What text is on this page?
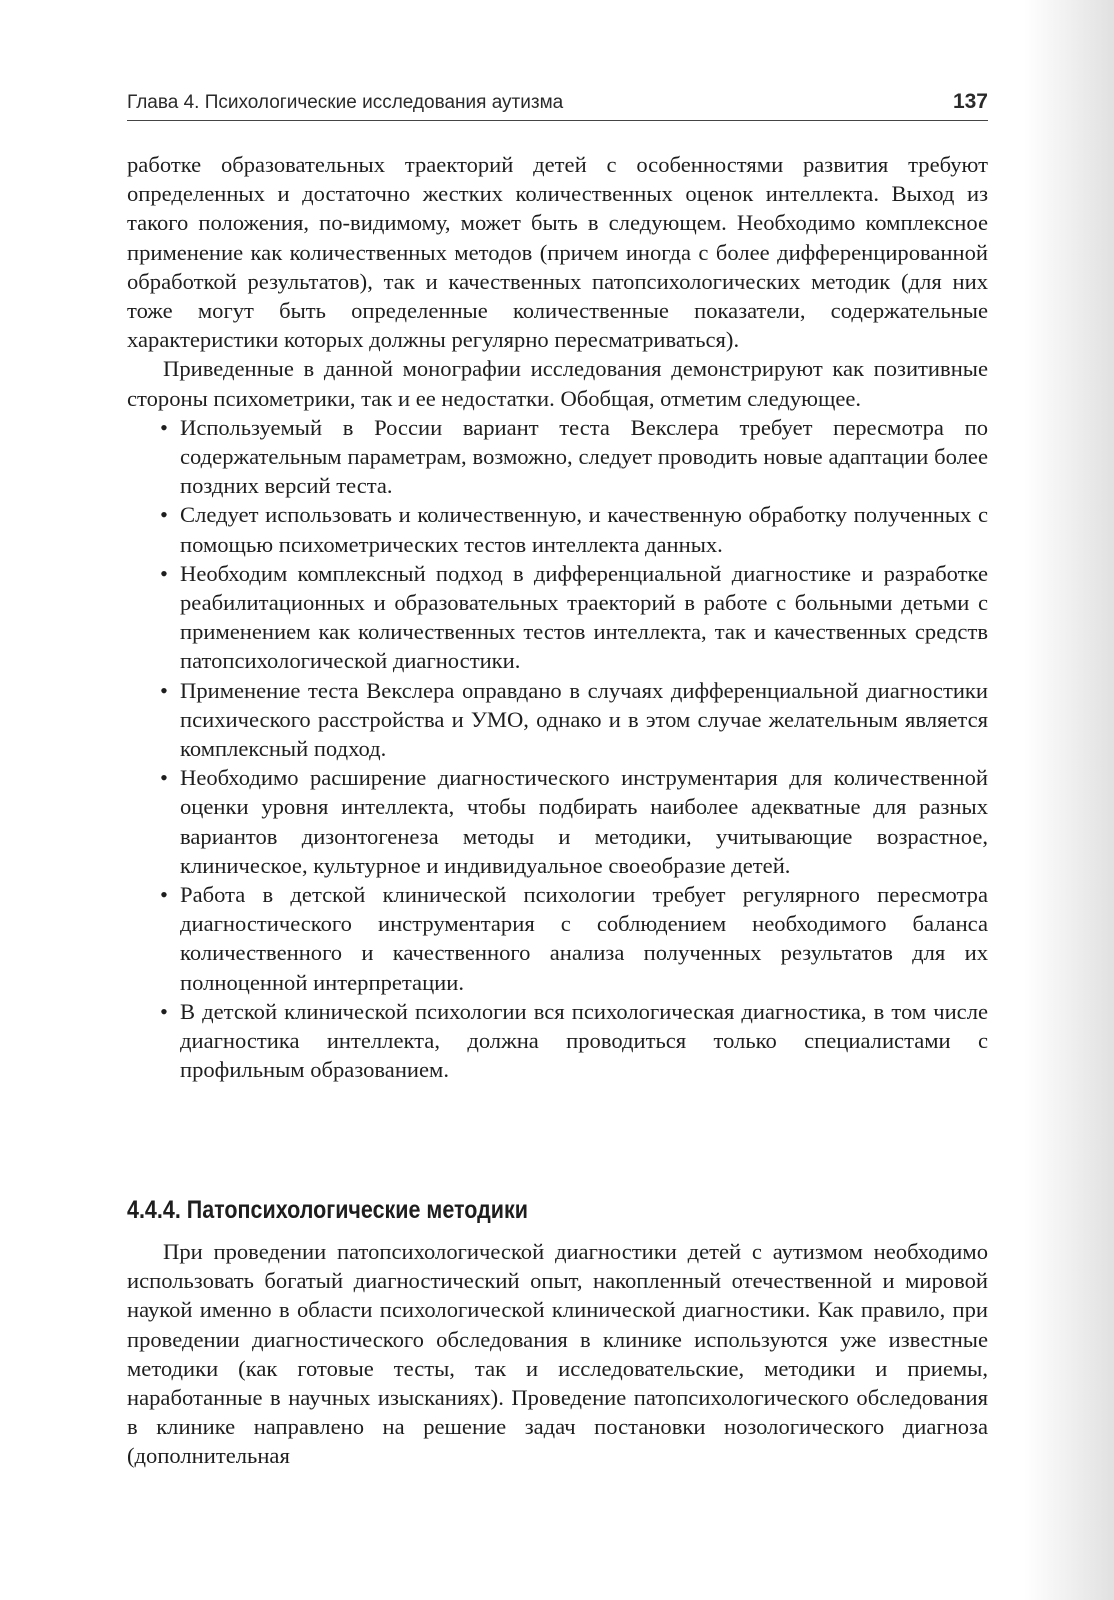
Глава 4. Психологические исследования аутизма	137

работке образовательных траекторий детей с особенностями развития требуют определенных и достаточно жестких количественных оценок интеллекта. Выход из такого положения, по-видимому, может быть в следующем. Необходимо комплексное применение как количественных методов (причем иногда с более дифференцированной обработкой результатов), так и качественных патопсихологических методик (для них тоже могут быть определенные количественные показатели, содержательные характеристики которых должны регулярно пересматриваться).

Приведенные в данной монографии исследования демонстрируют как позитивные стороны психометрики, так и ее недостатки. Обобщая, отметим следующее.

• Используемый в России вариант теста Векслера требует пересмотра по содержательным параметрам, возможно, следует проводить новые адаптации более поздних версий теста.
• Следует использовать и количественную, и качественную обработку полученных с помощью психометрических тестов интеллекта данных.
• Необходим комплексный подход в дифференциальной диагностике и разработке реабилитационных и образовательных траекторий в работе с больными детьми с применением как количественных тестов интеллекта, так и качественных средств патопсихологической диагностики.
• Применение теста Векслера оправдано в случаях дифференциальной диагностики психического расстройства и УМО, однако и в этом случае желательным является комплексный подход.
• Необходимо расширение диагностического инструментария для количественной оценки уровня интеллекта, чтобы подбирать наиболее адекватные для разных вариантов дизонтогенеза методы и методики, учитывающие возрастное, клиническое, культурное и индивидуальное своеобразие детей.
• Работа в детской клинической психологии требует регулярного пересмотра диагностического инструментария с соблюдением необходимого баланса количественного и качественного анализа полученных результатов для их полноценной интерпретации.
• В детской клинической психологии вся психологическая диагностика, в том числе диагностика интеллекта, должна проводиться только специалистами с профильным образованием.
4.4.4. Патопсихологические методики

При проведении патопсихологической диагностики детей с аутизмом необходимо использовать богатый диагностический опыт, накопленный отечественной и мировой наукой именно в области психологической клинической диагностики. Как правило, при проведении диагностического обследования в клинике используются уже известные методики (как готовые тесты, так и исследовательские, методики и приемы, наработанные в научных изысканиях). Проведение патопсихологического обследования в клинике направлено на решение задач постановки нозологического диагноза (дополнительная
